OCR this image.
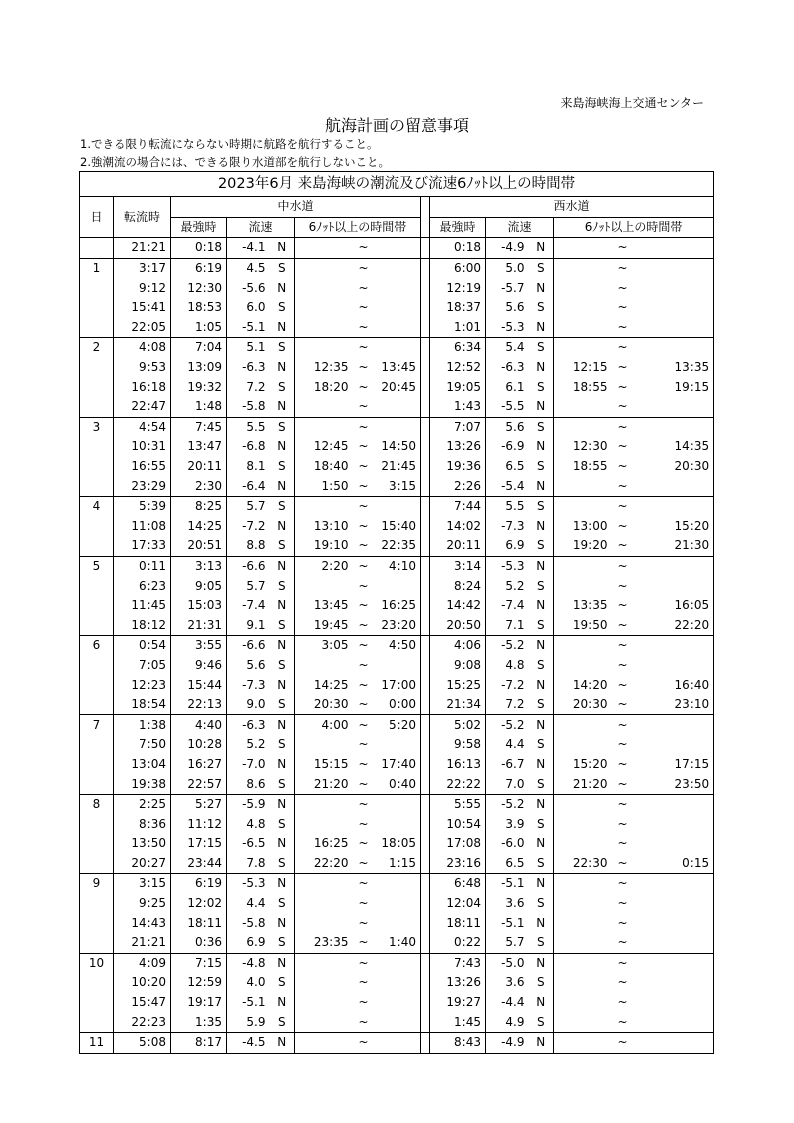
来島海峡海上交通センター
航海計画の留意事項
1.できる限り転流にならない時期に航路を航行すること。
2.強潮流の場合には、できる限り水道部を航行しないこと。
2023年6月 来島海峡の潮流及び流速6ﾉｯﾄ以上の時間帯														
日	転流時	中水道							西水道					
		最強時	流速		6ﾉｯﾄ以上の時間帯				最強時	流速		6ﾉｯﾄ以上の時間帯		
	21:21	0:18	-4.1	N		~			0:18	-4.9	N		~	
1	3:17	6:19	4.5	S		~			6:00	5.0	S		~	
	9:12	12:30	-5.6	N		~			12:19	-5.7	N		~	
	15:41	18:53	6.0	S		~			18:37	5.6	S		~	
	22:05	1:05	-5.1	N		~			1:01	-5.3	N		~	
2	4:08	7:04	5.1	S		~			6:34	5.4	S		~	
	9:53	13:09	-6.3	N	12:35	~	13:45		12:52	-6.3	N	12:15	~	13:35
	16:18	19:32	7.2	S	18:20	~	20:45		19:05	6.1	S	18:55	~	19:15
	22:47	1:48	-5.8	N		~			1:43	-5.5	N		~	
3	4:54	7:45	5.5	S		~			7:07	5.6	S		~	
	10:31	13:47	-6.8	N	12:45	~	14:50		13:26	-6.9	N	12:30	~	14:35
	16:55	20:11	8.1	S	18:40	~	21:45		19:36	6.5	S	18:55	~	20:30
	23:29	2:30	-6.4	N	1:50	~	3:15		2:26	-5.4	N		~	
4	5:39	8:25	5.7	S		~			7:44	5.5	S		~	
	11:08	14:25	-7.2	N	13:10	~	15:40		14:02	-7.3	N	13:00	~	15:20
	17:33	20:51	8.8	S	19:10	~	22:35		20:11	6.9	S	19:20	~	21:30
5	0:11	3:13	-6.6	N	2:20	~	4:10		3:14	-5.3	N		~	
	6:23	9:05	5.7	S		~			8:24	5.2	S		~	
	11:45	15:03	-7.4	N	13:45	~	16:25		14:42	-7.4	N	13:35	~	16:05
	18:12	21:31	9.1	S	19:45	~	23:20		20:50	7.1	S	19:50	~	22:20
6	0:54	3:55	-6.6	N	3:05	~	4:50		4:06	-5.2	N		~	
	7:05	9:46	5.6	S		~			9:08	4.8	S		~	
	12:23	15:44	-7.3	N	14:25	~	17:00		15:25	-7.2	N	14:20	~	16:40
	18:54	22:13	9.0	S	20:30	~	0:00		21:34	7.2	S	20:30	~	23:10
7	1:38	4:40	-6.3	N	4:00	~	5:20		5:02	-5.2	N		~	
	7:50	10:28	5.2	S		~			9:58	4.4	S		~	
	13:04	16:27	-7.0	N	15:15	~	17:40		16:13	-6.7	N	15:20	~	17:15
	19:38	22:57	8.6	S	21:20	~	0:40		22:22	7.0	S	21:20	~	23:50
8	2:25	5:27	-5.9	N		~			5:55	-5.2	N		~	
	8:36	11:12	4.8	S		~			10:54	3.9	S		~	
	13:50	17:15	-6.5	N	16:25	~	18:05		17:08	-6.0	N		~	
	20:27	23:44	7.8	S	22:20	~	1:15		23:16	6.5	S	22:30	~	0:15
9	3:15	6:19	-5.3	N		~			6:48	-5.1	N		~	
	9:25	12:02	4.4	S		~			12:04	3.6	S		~	
	14:43	18:11	-5.8	N		~			18:11	-5.1	N		~	
	21:21	0:36	6.9	S	23:35	~	1:40		0:22	5.7	S		~	
10	4:09	7:15	-4.8	N		~			7:43	-5.0	N		~	
	10:20	12:59	4.0	S		~			13:26	3.6	S		~	
	15:47	19:17	-5.1	N		~			19:27	-4.4	N		~	
	22:23	1:35	5.9	S		~			1:45	4.9	S		~	
11	5:08	8:17	-4.5	N		~			8:43	-4.9	N		~	
